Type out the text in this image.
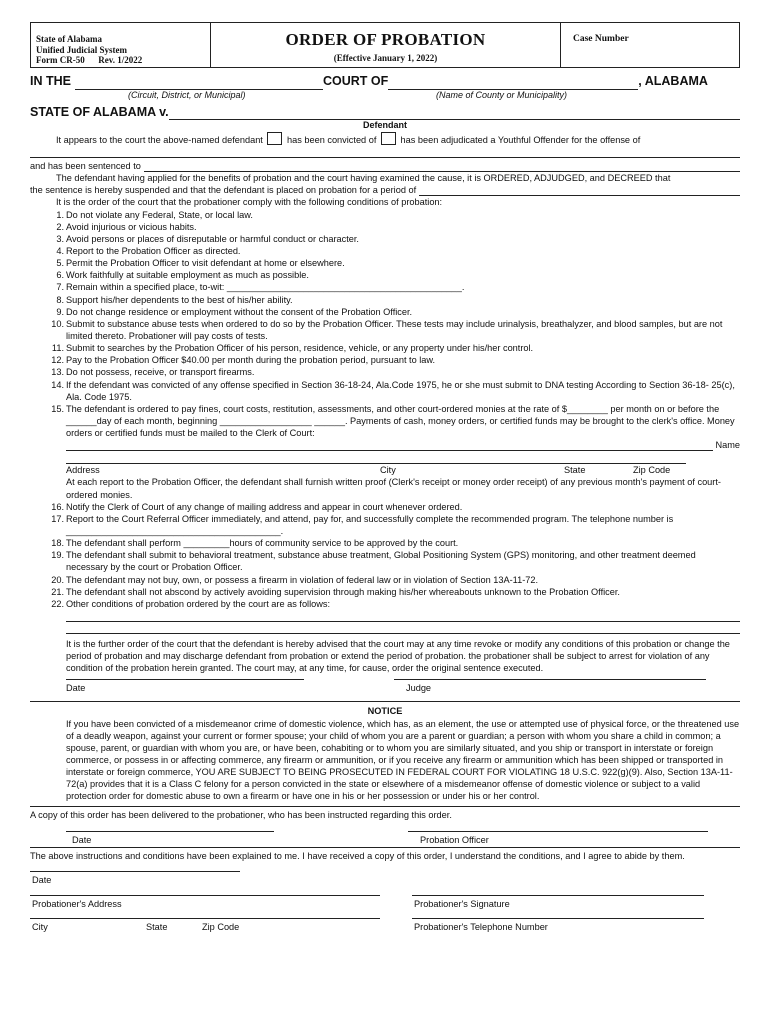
State of Alabama
Unified Judicial System
Form CR-50      Rev. 1/2022
ORDER OF PROBATION
(Effective January 1, 2022)
Case Number
IN THE	COURT OF	, ALABAMA
(Circuit, District, or Municipal)	(Name of County or Municipality)
STATE OF ALABAMA v.
Defendant
It appears to the court the above-named defendant	has been convicted of	has been adjudicated a Youthful Offender for the offense of
and has been sentenced to
The defendant having applied for the benefits of probation and the court having examined the cause, it is ORDERED, ADJUDGED, and DECREED that
the sentence is hereby suspended and that the defendant is placed on probation for a period of
It is the order of the court that the probationer comply with the following conditions of probation:
1. Do not violate any Federal, State, or local law.
2. Avoid injurious or vicious habits.
3. Avoid persons or places of disreputable or harmful conduct or character.
4. Report to the Probation Officer as directed.
5. Permit the Probation Officer to visit defendant at home or elsewhere.
6. Work faithfully at suitable employment as much as possible.
7. Remain within a specified place, to-wit: ______________________________________________.
8. Support his/her dependents to the best of his/her ability.
9. Do not change residence or employment without the consent of the Probation Officer.
10. Submit to substance abuse tests when ordered to do so by the Probation Officer. These tests may include urinalysis, breathalyzer, and blood samples, but are not limited thereto. Probationer will pay costs of tests.
11. Submit to searches by the Probation Officer of his person, residence, vehicle, or any property under his/her control.
12. Pay to the Probation Officer $40.00 per month during the probation period, pursuant to law.
13. Do not possess, receive, or transport firearms.
14. If the defendant was convicted of any offense specified in Section 36-18-24, Ala.Code 1975, he or she must submit to DNA testing According to Section 36-18- 25(c), Ala. Code 1975.
15. The defendant is ordered to pay fines, court costs, restitution, assessments, and other court-ordered monies at the rate of $________ per month on or before the ______day of each month, beginning __________________ ______. Payments of cash, money orders, or certified funds may be brought to the clerk's office. Money orders or certified funds must be mailed to the Clerk of Court:
Name
Address	City	State	Zip Code
At each report to the Probation Officer, the defendant shall furnish written proof (Clerk's receipt or money order receipt) of any previous month's payment of court-ordered monies.
16. Notify the Clerk of Court of any change of mailing address and appear in court whenever ordered.
17. Report to the Court Referral Officer immediately, and attend, pay for, and successfully complete the recommended program. The telephone number is __________________________________________.
18. The defendant shall perform _________hours of community service to be approved by the court.
19. The defendant shall submit to behavioral treatment, substance abuse treatment, Global Positioning System (GPS) monitoring, and other treatment deemed necessary by the court or Probation Officer.
20. The defendant may not buy, own, or possess a firearm in violation of federal law or in violation of Section 13A-11-72.
21. The defendant shall not abscond by actively avoiding supervision through making his/her whereabouts unknown to the Probation Officer.
22. Other conditions of probation ordered by the court are as follows:
It is the further order of the court that the defendant is hereby advised that the court may at any time revoke or modify any conditions of this probation or change the period of probation and may discharge defendant from probation or extend the period of probation. the probationer shall be subject to arrest for violation of any condition of the probation herein granted. The court may, at any time, for cause, order the original sentence executed.
Date	Judge
NOTICE
If you have been convicted of a misdemeanor crime of domestic violence, which has, as an element, the use or attempted use of physical force, or the threatened use of a deadly weapon, against your current or former spouse; your child of whom you are a parent or guardian; a person with whom you share a child in common; a spouse, parent, or guardian with whom you are, or have been, cohabiting or to whom you are similarly situated, and you ship or transport in interstate or foreign commerce, or possess in or affecting commerce, any firearm or ammunition, or if you receive any firearm or ammunition which has been shipped or transported in interstate or foreign commerce, YOU ARE SUBJECT TO BEING PROSECUTED IN FEDERAL COURT FOR VIOLATING 18 U.S.C. 922(g)(9). Also, Section 13A-11-72(a) provides that it is a Class C felony for a person convicted in the state or elsewhere of a misdemeanor offense of domestic violence or subject to a valid protection order for domestic abuse to own a firearm or have one in his or her possession or under his or her control.
A copy of this order has been delivered to the probationer, who has been instructed regarding this order.
Date	Probation Officer
The above instructions and conditions have been explained to me. I have received a copy of this order, I understand the conditions, and I agree to abide by them.
Date
Probationer's Address	Probationer's Signature
City	State	Zip Code	Probationer's Telephone Number
